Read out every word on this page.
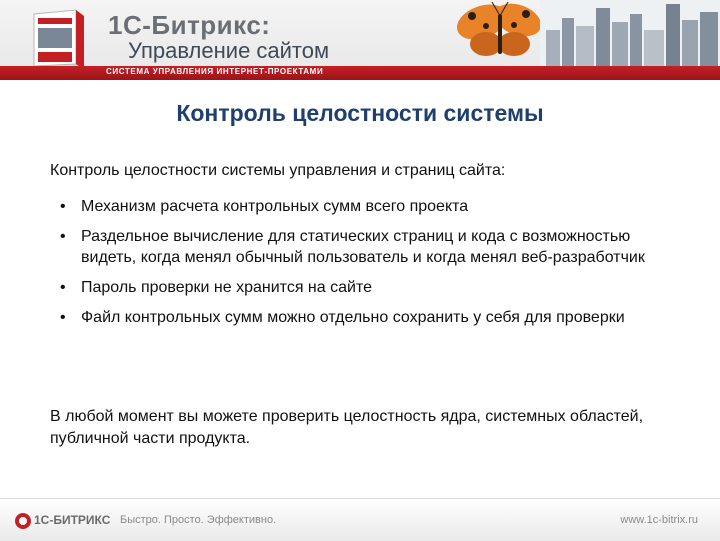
1С-Битрикс:
Управление сайтом
СИСТЕМА УПРАВЛЕНИЯ ИНТЕРНЕТ-ПРОЕКТАМИ
Контроль целостности системы
Контроль целостности системы управления и страниц сайта:
• Механизм расчета контрольных сумм всего проекта
• Раздельное вычисление для статических страниц и кода с возможностью видеть, когда менял обычный пользователь и когда менял веб-разработчик
• Пароль проверки не хранится на сайте
• Файл контрольных сумм можно отдельно сохранить у себя для проверки
В любой момент вы можете проверить целостность ядра, системных областей, публичной части продукта.
1С-БИТРИКС Быстро. Просто. Эффективно.	www.1c-bitrix.ru
